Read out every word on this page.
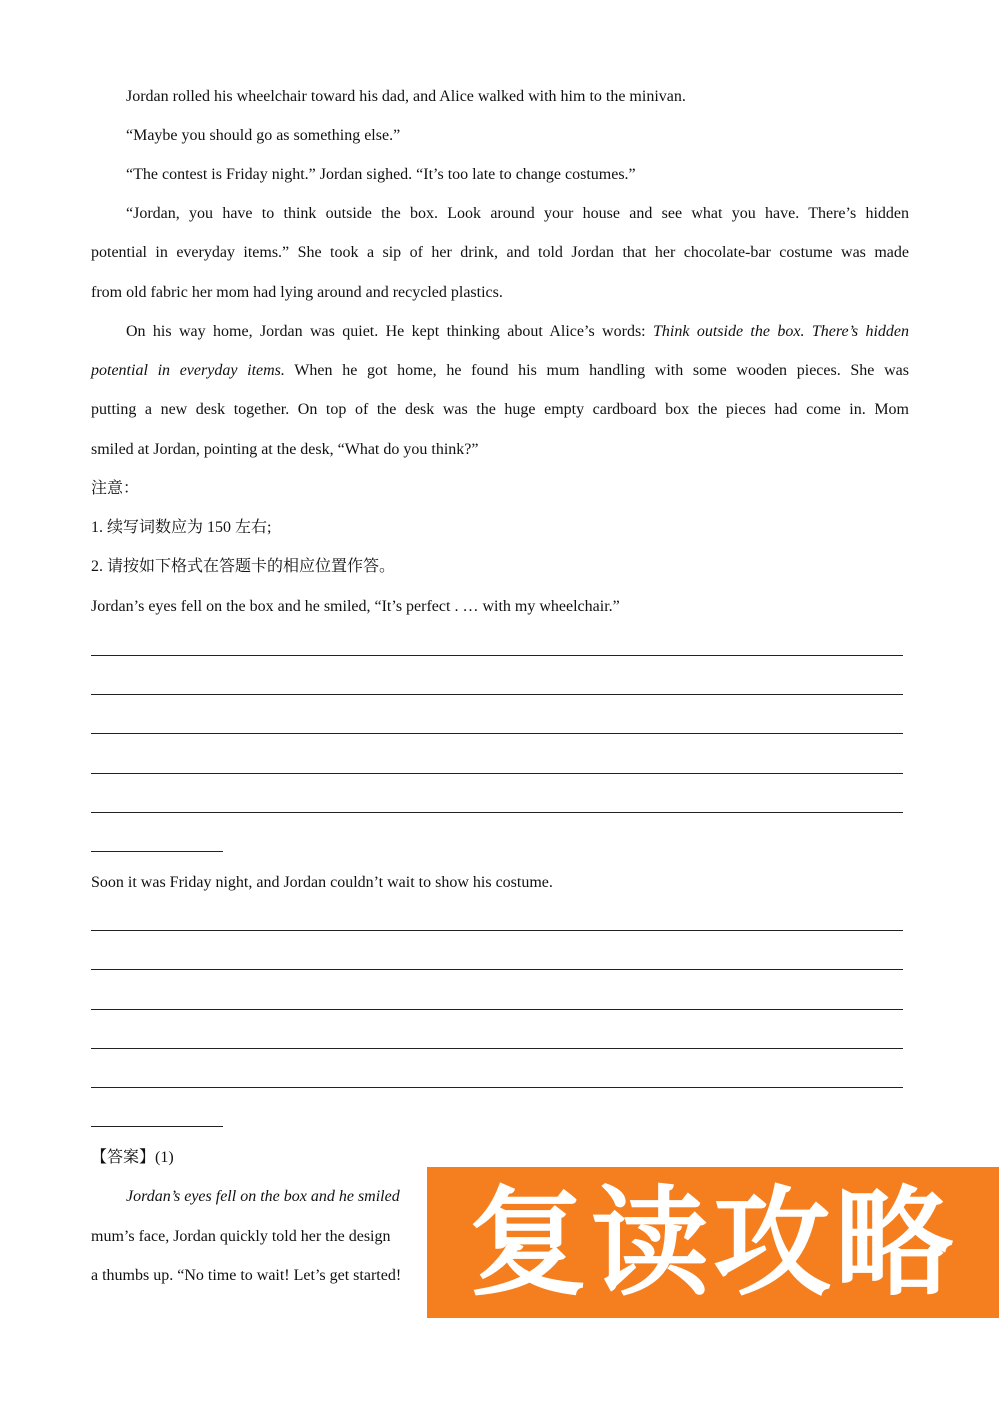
Jordan rolled his wheelchair toward his dad, and Alice walked with him to the minivan.
“Maybe you should go as something else.”
“The contest is Friday night.” Jordan sighed. “It’s too late to change costumes.”
“Jordan, you have to think outside the box. Look around your house and see what you have. There’s hidden
potential in everyday items.” She took a sip of her drink, and told Jordan that her chocolate-bar costume was made
from old fabric her mom had lying around and recycled plastics.
On his way home, Jordan was quiet. He kept thinking about Alice’s words: Think outside the box. There’s hidden
potential in everyday items. When he got home, he found his mum handling with some wooden pieces. She was
putting a new desk together. On top of the desk was the huge empty cardboard box the pieces had come in. Mom
smiled at Jordan, pointing at the desk, “What do you think?”
注意：
1. 续写词数应为 150 左右;
2. 请按如下格式在答题卡的相应位置作答。
Jordan’s eyes fell on the box and he smiled, “It’s perfect . … with my wheelchair.”
Soon it was Friday night, and Jordan couldn’t wait to show his costume.
【答案】(1)
Jordan’s eyes fell on the box and he smiled
mum’s face, Jordan quickly told her the design
a thumbs up. “No time to wait! Let’s get started! 复读攻略
